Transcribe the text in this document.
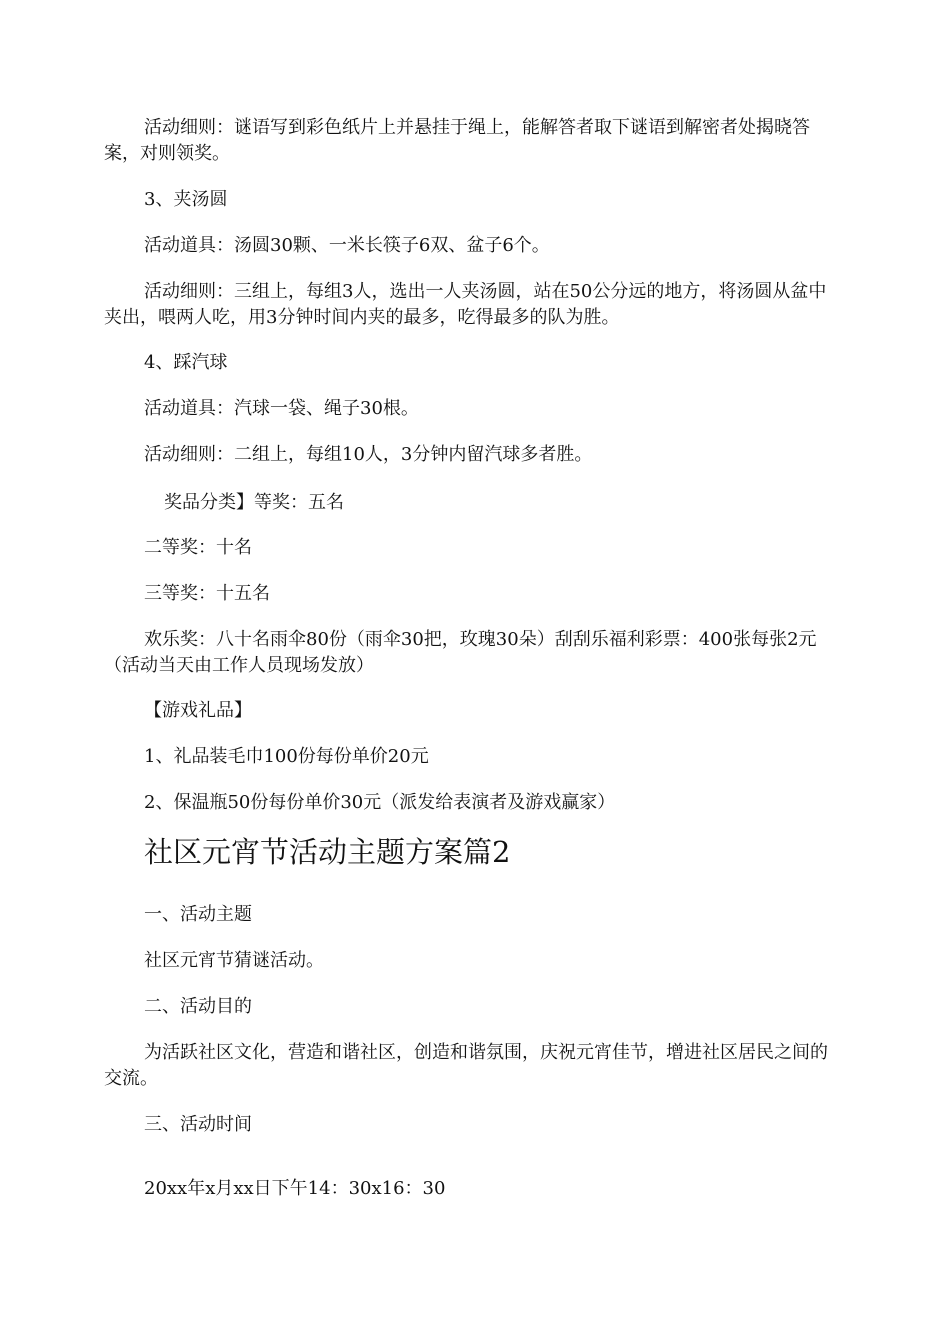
活动细则：谜语写到彩色纸片上并悬挂于绳上，能解答者取下谜语到解密者处揭晓答案，对则领奖。

3、夹汤圆

活动道具：汤圆30颗、一米长筷子6双、盆子6个。

活动细则：三组上，每组3人，选出一人夹汤圆，站在50公分远的地方，将汤圆从盆中夹出，喂两人吃，用3分钟时间内夹的最多，吃得最多的队为胜。

4、踩汽球

活动道具：汽球一袋、绳子30根。

活动细则：二组上，每组10人，3分钟内留汽球多者胜。

奖品分类】等奖：五名

二等奖：十名

三等奖：十五名

欢乐奖：八十名雨伞80份（雨伞30把，玫瑰30朵）刮刮乐福利彩票：400张每张2元（活动当天由工作人员现场发放）

【游戏礼品】

1、礼品装毛巾100份每份单价20元

2、保温瓶50份每份单价30元（派发给表演者及游戏赢家）

社区元宵节活动主题方案篇2

一、活动主题

社区元宵节猜谜活动。

二、活动目的

为活跃社区文化，营造和谐社区，创造和谐氛围，庆祝元宵佳节，增进社区居民之间的交流。

三、活动时间

20xx年x月xx日下午14：30x16：30
